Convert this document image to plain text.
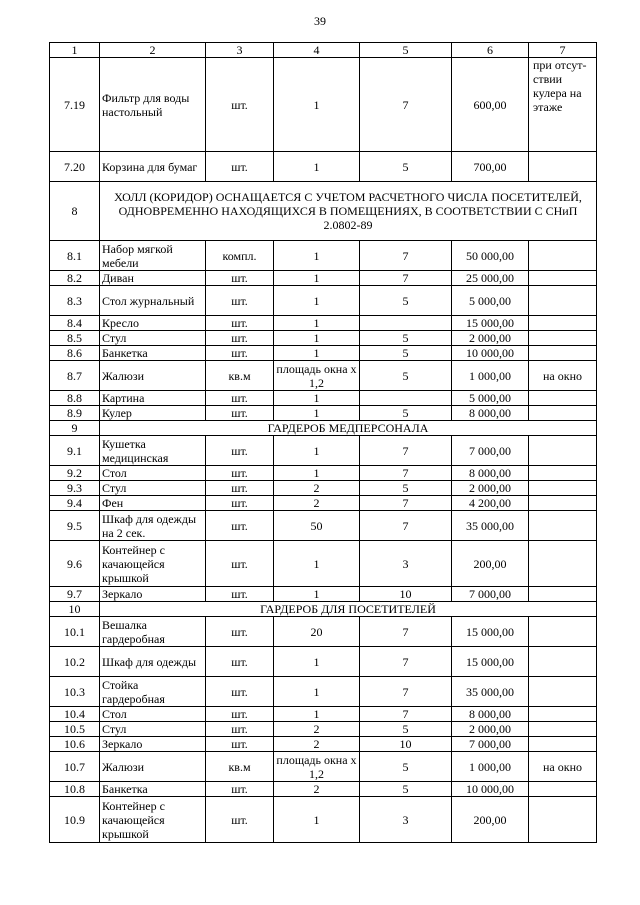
39
1	2	3	4	5	6	7
7.19	Фильтр для воды настольный	шт.	1	7	600,00	при отсут-ствии кулера на этаже
7.20	Корзина для бумаг	шт.	1	5	700,00	
8	ХОЛЛ (КОРИДОР) ОСНАЩАЕТСЯ С УЧЕТОМ РАСЧЕТНОГО ЧИСЛА ПОСЕТИТЕЛЕЙ, ОДНОВРЕМЕННО НАХОДЯЩИХСЯ В ПОМЕЩЕНИЯХ, В СООТВЕТСТВИИ С СНиП 2.0802-89					
8.1	Набор мягкой мебели	компл.	1	7	50 000,00	
8.2	Диван	шт.	1	7	25 000,00	
8.3	Стол журнальный	шт.	1	5	5 000,00	
8.4	Кресло	шт.	1		15 000,00	
8.5	Стул	шт.	1	5	2 000,00	
8.6	Банкетка	шт.	1	5	10 000,00	
8.7	Жалюзи	кв.м	площадь окна х 1,2	5	1 000,00	на окно
8.8	Картина	шт.	1		5 000,00	
8.9	Кулер	шт.	1	5	8 000,00	
9	ГАРДЕРОБ МЕДПЕРСОНАЛА					
9.1	Кушетка медицинская	шт.	1	7	7 000,00	
9.2	Стол	шт.	1	7	8 000,00	
9.3	Стул	шт.	2	5	2 000,00	
9.4	Фен	шт.	2	7	4 200,00	
9.5	Шкаф для одежды на 2 сек.	шт.	50	7	35 000,00	
9.6	Контейнер с качающейся крышкой	шт.	1	3	200,00	
9.7	Зеркало	шт.	1	10	7 000,00	
10	ГАРДЕРОБ ДЛЯ ПОСЕТИТЕЛЕЙ					
10.1	Вешалка гардеробная	шт.	20	7	15 000,00	
10.2	Шкаф для одежды	шт.	1	7	15 000,00	
10.3	Стойка гардеробная	шт.	1	7	35 000,00	
10.4	Стол	шт.	1	7	8 000,00	
10.5	Стул	шт.	2	5	2 000,00	
10.6	Зеркало	шт.	2	10	7 000,00	
10.7	Жалюзи	кв.м	площадь окна х 1,2	5	1 000,00	на окно
10.8	Банкетка	шт.	2	5	10 000,00	
10.9	Контейнер с качающейся крышкой	шт.	1	3	200,00	
